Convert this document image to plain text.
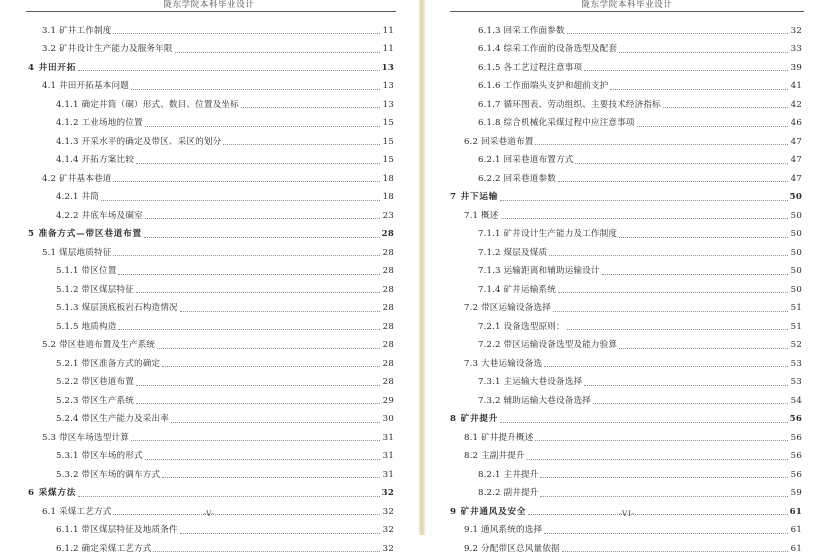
陇东学院本科毕业设计
3.1 矿井工作制度	11
3.2 矿井设计生产能力及服务年限	11
4 井田开拓	13
4.1 井田开拓基本问题	13
4.1.1 确定井筒（硐）形式、数目、位置及坐标	13
4.1.2 工业场地的位置	15
4.1.3 开采水平的确定及带区、采区的划分	15
4.1.4 开拓方案比较	15
4.2 矿井基本巷道	18
4.2.1 井筒	18
4.2.2 井底车场及硐室	23
5 准备方式—带区巷道布置	28
5.1 煤层地质特征	28
5.1.1 带区位置	28
5.1.2 带区煤层特征	28
5.1.3 煤层顶底板岩石构造情况	28
5.1.5 地质构造	28
5.2 带区巷道布置及生产系统	28
5.2.1 带区准备方式的确定	28
5.2.2 带区巷道布置	28
5.2.3 带区生产系统	29
5.2.4 带区生产能力及采出率	30
5.3 带区车场选型计算	31
5.3.1 带区车场的形式	31
5.3.2 带区车场的调车方式	31
6 采煤方法	32
6.1 采煤工艺方式	32
6.1.1 带区煤层特征及地质条件	32
6.1.2 确定采煤工艺方式	32
-V-
陇东学院本科毕业设计
6.1.3 回采工作面参数	32
6.1.4 综采工作面的设备选型及配套	33
6.1.5 各工艺过程注意事项	39
6.1.6 工作面端头支护和超前支护	41
6.1.7 循环图表、劳动组织、主要技术经济指标	42
6.1.8 综合机械化采煤过程中应注意事项	46
6.2 回采巷道布置	47
6.2.1 回采巷道布置方式	47
6.2.2 回采巷道参数	47
7 井下运输	50
7.1 概述	50
7.1.1 矿井设计生产能力及工作制度	50
7.1.2 煤层及煤质	50
7.1.3 运输距离和辅助运输设计	50
7.1.4 矿井运输系统	50
7.2 带区运输设备选择	51
7.2.1 设备选型原则：	51
7.2.2 带区运输设备选型及能力验算	52
7.3 大巷运输设备选	53
7.3.1 主运输大巷设备选择	53
7.3.2 辅助运输大巷设备选择	54
8 矿井提升	56
8.1 矿井提升概述	56
8.2 主副井提升	56
8.2.1 主井提升	56
8.2.2 副井提升	59
9 矿井通风及安全	61
9.1 通风系统的选择	61
9.2 分配带区总风量依据	61
-VI-
